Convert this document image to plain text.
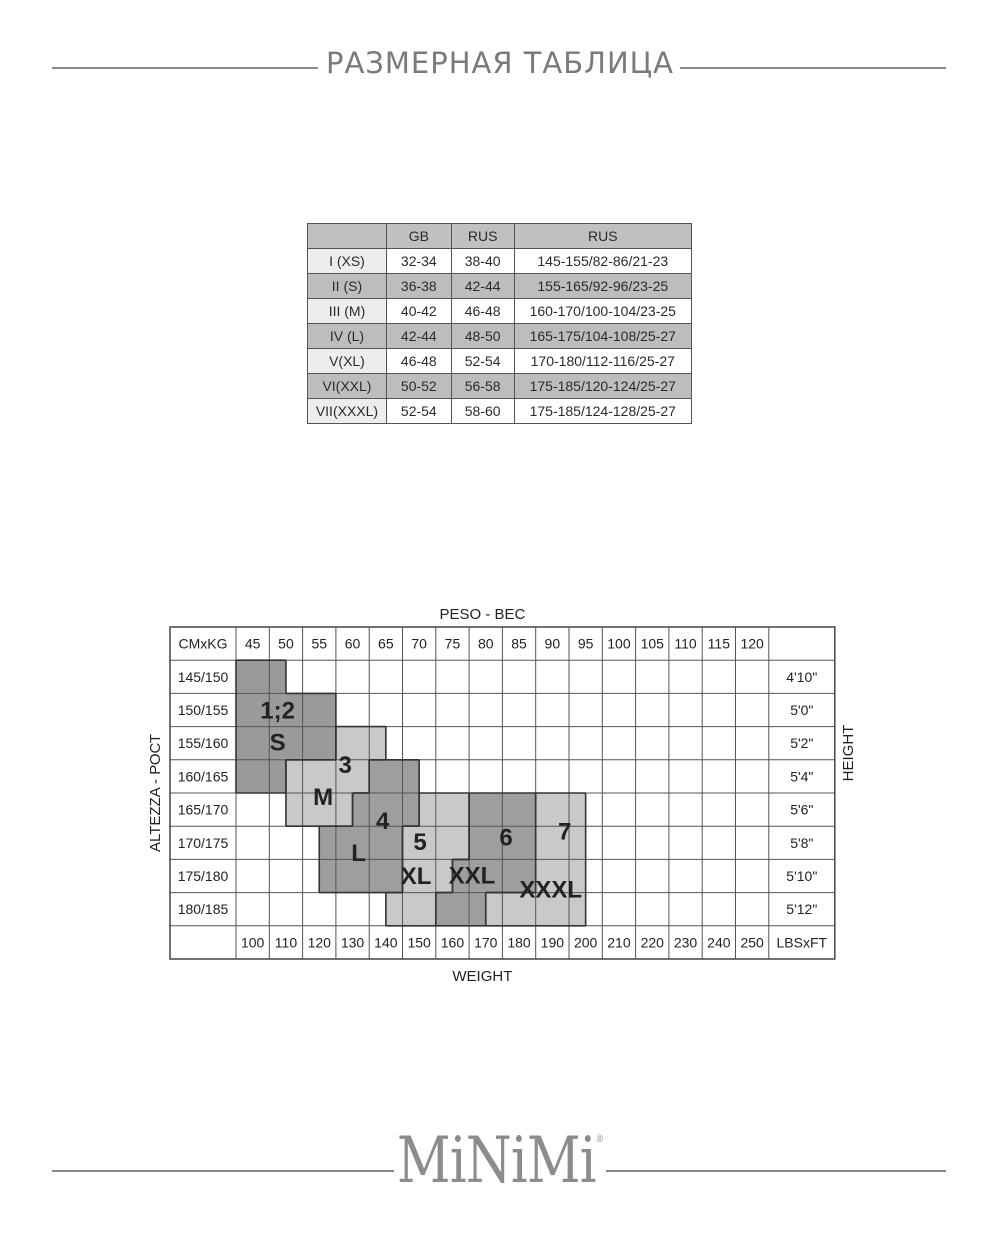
РАЗМЕРНАЯ ТАБЛИЦА
	GB	RUS	RUS
I (XS)	32-34	38-40	145-155/82-86/21-23
II (S)	36-38	42-44	155-165/92-96/23-25
III (M)	40-42	46-48	160-170/100-104/23-25
IV (L)	42-44	48-50	165-175/104-108/25-27
V(XL)	46-48	52-54	170-180/112-116/25-27
VI(XXL)	50-52	56-58	175-185/120-124/25-27
VII(XXXL)	52-54	58-60	175-185/124-128/25-27
CMxKG 45 50 55 60 65 70 75 80 85 90 95 100 105 110 115 120
100 110 120 130 140 150 160 170 180 190 200 210 220 230 240 250 LBSxFT
145/150
150/155
155/160
160/165
165/170
170/175
175/180
180/185
4'10"
5'0"
5'2"
5'4"
5'6"
5'8"
5'10"
5'12"
PESO - ВЕС
WEIGHT
ALTEZZA - РОСТ	HEIGHT
1;2
S
3
M
4
L 5
XL
6
XXL
7
XXXL
MiNiMi®
